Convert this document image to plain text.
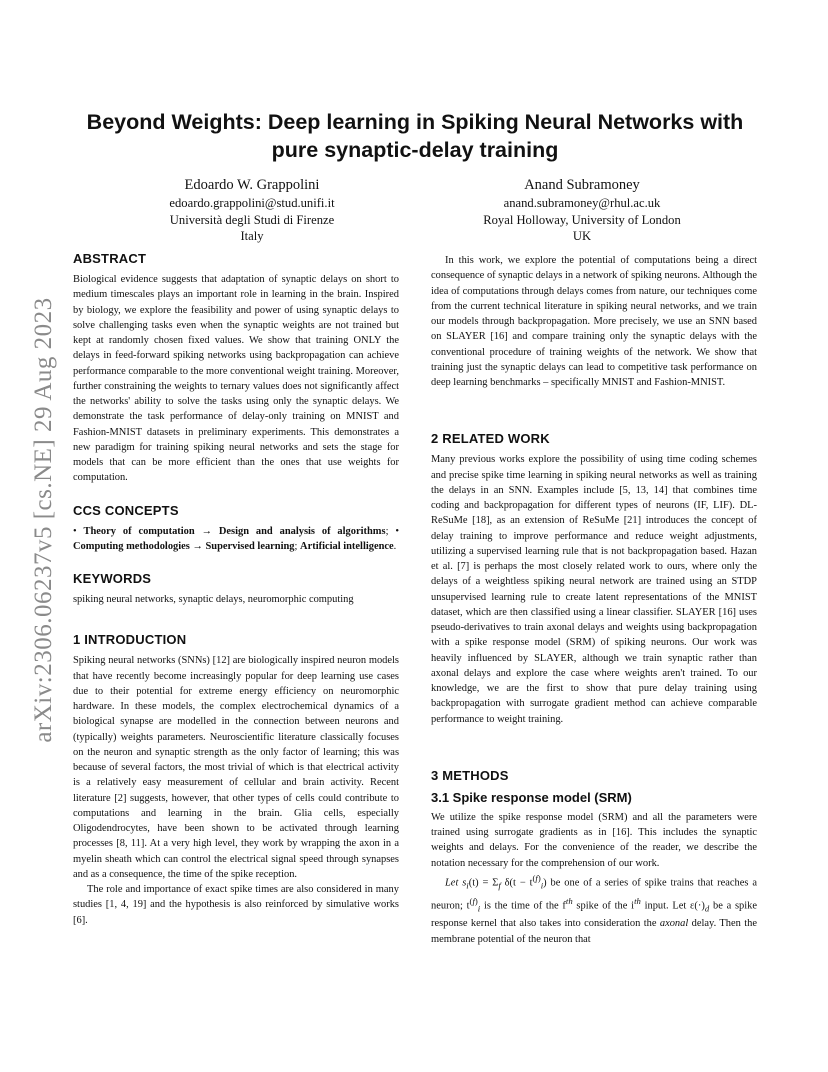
arXiv:2306.06237v5 [cs.NE] 29 Aug 2023
Beyond Weights: Deep learning in Spiking Neural Networks with pure synaptic-delay training
Edoardo W. Grappolini
edoardo.grappolini@stud.unifi.it
Università degli Studi di Firenze
Italy
Anand Subramoney
anand.subramoney@rhul.ac.uk
Royal Holloway, University of London
UK
ABSTRACT

Biological evidence suggests that adaptation of synaptic delays on short to medium timescales plays an important role in learning in the brain. Inspired by biology, we explore the feasibility and power of using synaptic delays to solve challenging tasks even when the synaptic weights are not trained but kept at randomly chosen fixed values. We show that training ONLY the delays in feed-forward spiking networks using backpropagation can achieve performance comparable to the more conventional weight training. Moreover, further constraining the weights to ternary values does not significantly affect the networks' ability to solve the tasks using only the synaptic delays. We demonstrate the task performance of delay-only training on MNIST and Fashion-MNIST datasets in preliminary experiments. This demonstrates a new paradigm for training spiking neural networks and sets the stage for models that can be more efficient than the ones that use weights for computation.

CCS CONCEPTS

• Theory of computation → Design and analysis of algorithms; • Computing methodologies → Supervised learning; Artificial intelligence.

KEYWORDS

spiking neural networks, synaptic delays, neuromorphic computing

1 INTRODUCTION

Spiking neural networks (SNNs) [12] are biologically inspired neuron models that have recently become increasingly popular for deep learning use cases due to their potential for extreme energy efficiency on neuromorphic hardware. In these models, the complex electrochemical dynamics of a biological synapse are modelled in the connection between neurons and (typically) weights parameters. Neuroscientific literature classically focuses on the neuron and synaptic strength as the only factor of learning; this was because of several factors, the most trivial of which is that electrical activity is a relatively easy measurement of cellular and brain activity. Recent literature [2] suggests, however, that other types of cells could contribute to computations and learning in the brain. Glia cells, especially Oligodendrocytes, have been shown to be activated through learning processes [8, 11]. At a very high level, they work by wrapping the axon in a myelin sheath which can control the electrical signal speed through synapses and as a consequence, the time of the spike reception.

The role and importance of exact spike times are also considered in many studies [1, 4, 19] and the hypothesis is also reinforced by simulative works [6].

In this work, we explore the potential of computations being a direct consequence of synaptic delays in a network of spiking neurons. Although the idea of computations through delays comes from nature, our techniques come from the current technical literature in spiking neural networks, and we train our models through backpropagation. More precisely, we use an SNN based on SLAYER [16] and compare training only the synaptic delays with the conventional procedure of training weights of the network. We show that training just the synaptic delays can lead to competitive task performance on deep learning benchmarks – specifically MNIST and Fashion-MNIST.

2 RELATED WORK

Many previous works explore the possibility of using time coding schemes and precise spike time learning in spiking neural networks as well as training the delays in an SNN. Examples include [5, 13, 14] that combines time coding and backpropagation for different types of neurons (IF, LIF). DL-ReSuMe [18], as an extension of ReSuMe [21] introduces the concept of delay training to improve performance and reduce weight adjustments, utilizing a supervised learning rule that is not backpropagation based. Hazan et al. [7] is perhaps the most closely related work to ours, where only the delays of a weightless spiking neural network are trained using an STDP unsupervised learning rule to create latent representations of the MNIST dataset, which are then classified using a linear classifier. SLAYER [16] uses pseudo-derivatives to train axonal delays and weights using backpropagation with a spike response model (SRM) of spiking neurons. Our work was heavily influenced by SLAYER, although we train synaptic rather than axonal delays and explore the case where weights aren't trained. To our knowledge, we are the first to show that pure delay training using backpropagation with surrogate gradient method can achieve comparable performance to weight training.

3 METHODS
3.1 Spike response model (SRM)

We utilize the spike response model (SRM) and all the parameters were trained using surrogate gradients as in [16]. This includes the synaptic weights and delays. For the convenience of the reader, we describe the notation necessary for the comprehension of our work.

Let $s_i(t) = \Sigma_f$ $\delta(t - t^{(f)}_i)$ be one of a series of spike trains that reaches a neuron; $t^{(f)}_i$ is the time of the $f^{th}$ spike of the $i^{th}$ input. Let $\varepsilon(\cdot)_d$ be a spike response kernel that also takes into consideration the axonal delay. Then the membrane potential of the neuron that
